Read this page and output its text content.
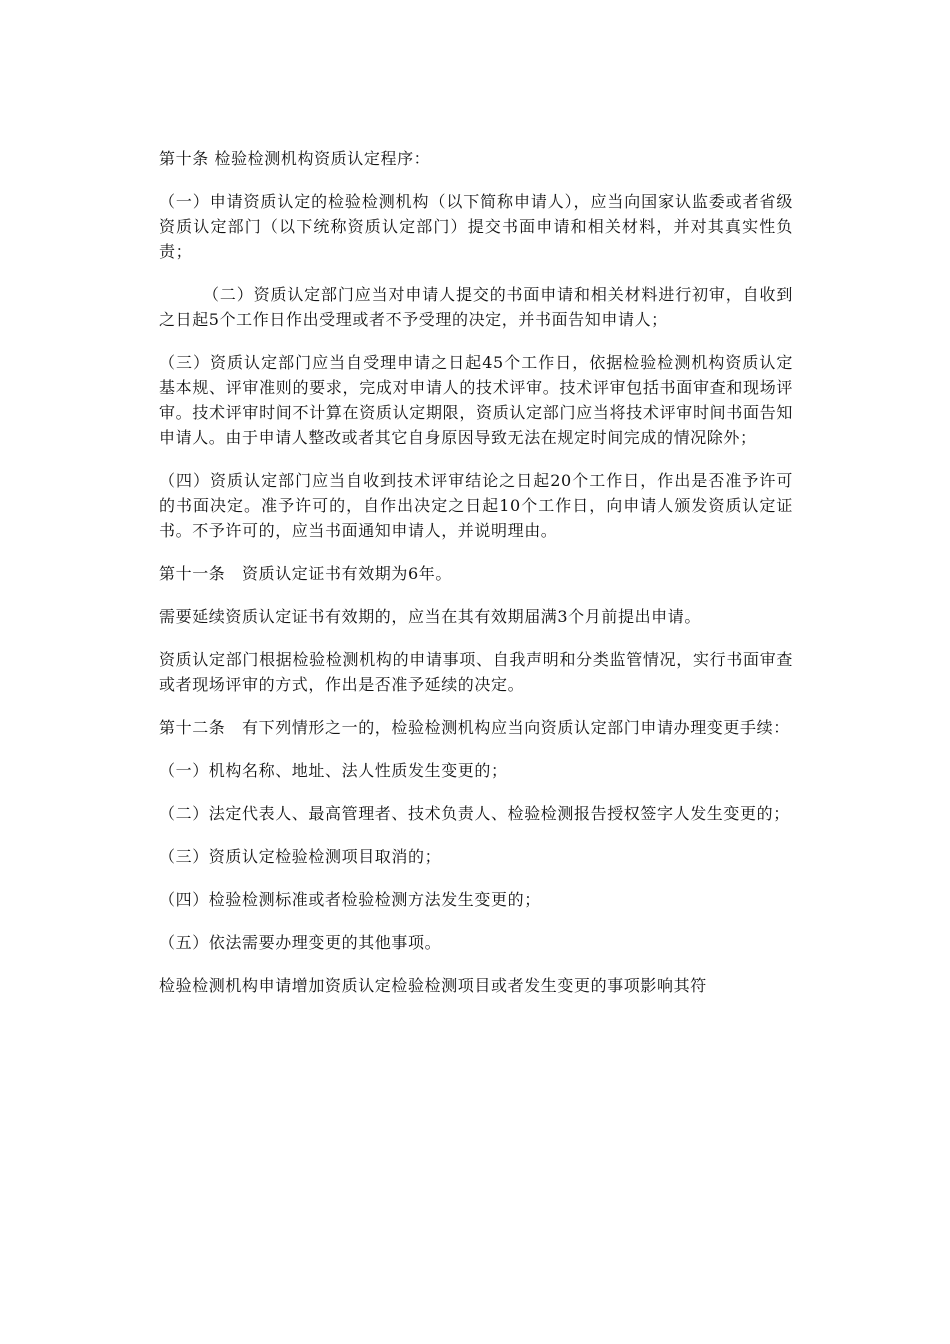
第十条 检验检测机构资质认定程序：

（一）申请资质认定的检验检测机构（以下简称申请人），应当向国家认监委或者省级资质认定部门（以下统称资质认定部门）提交书面申请和相关材料，并对其真实性负责；

（二）资质认定部门应当对申请人提交的书面申请和相关材料进行初审，自收到之日起5个工作日作出受理或者不予受理的决定，并书面告知申请人；

（三）资质认定部门应当自受理申请之日起45个工作日，依据检验检测机构资质认定基本规、评审准则的要求，完成对申请人的技术评审。技术评审包括书面审查和现场评审。技术评审时间不计算在资质认定期限，资质认定部门应当将技术评审时间书面告知申请人。由于申请人整改或者其它自身原因导致无法在规定时间完成的情况除外；

（四）资质认定部门应当自收到技术评审结论之日起20个工作日，作出是否准予许可的书面决定。准予许可的，自作出决定之日起10个工作日，向申请人颁发资质认定证书。不予许可的，应当书面通知申请人，并说明理由。

第十一条　资质认定证书有效期为6年。

需要延续资质认定证书有效期的，应当在其有效期届满3个月前提出申请。

资质认定部门根据检验检测机构的申请事项、自我声明和分类监管情况，实行书面审查或者现场评审的方式，作出是否准予延续的决定。

第十二条　有下列情形之一的，检验检测机构应当向资质认定部门申请办理变更手续：

（一）机构名称、地址、法人性质发生变更的；

（二）法定代表人、最高管理者、技术负责人、检验检测报告授权签字人发生变更的；

（三）资质认定检验检测项目取消的；

（四）检验检测标准或者检验检测方法发生变更的；

（五）依法需要办理变更的其他事项。

检验检测机构申请增加资质认定检验检测项目或者发生变更的事项影响其符
